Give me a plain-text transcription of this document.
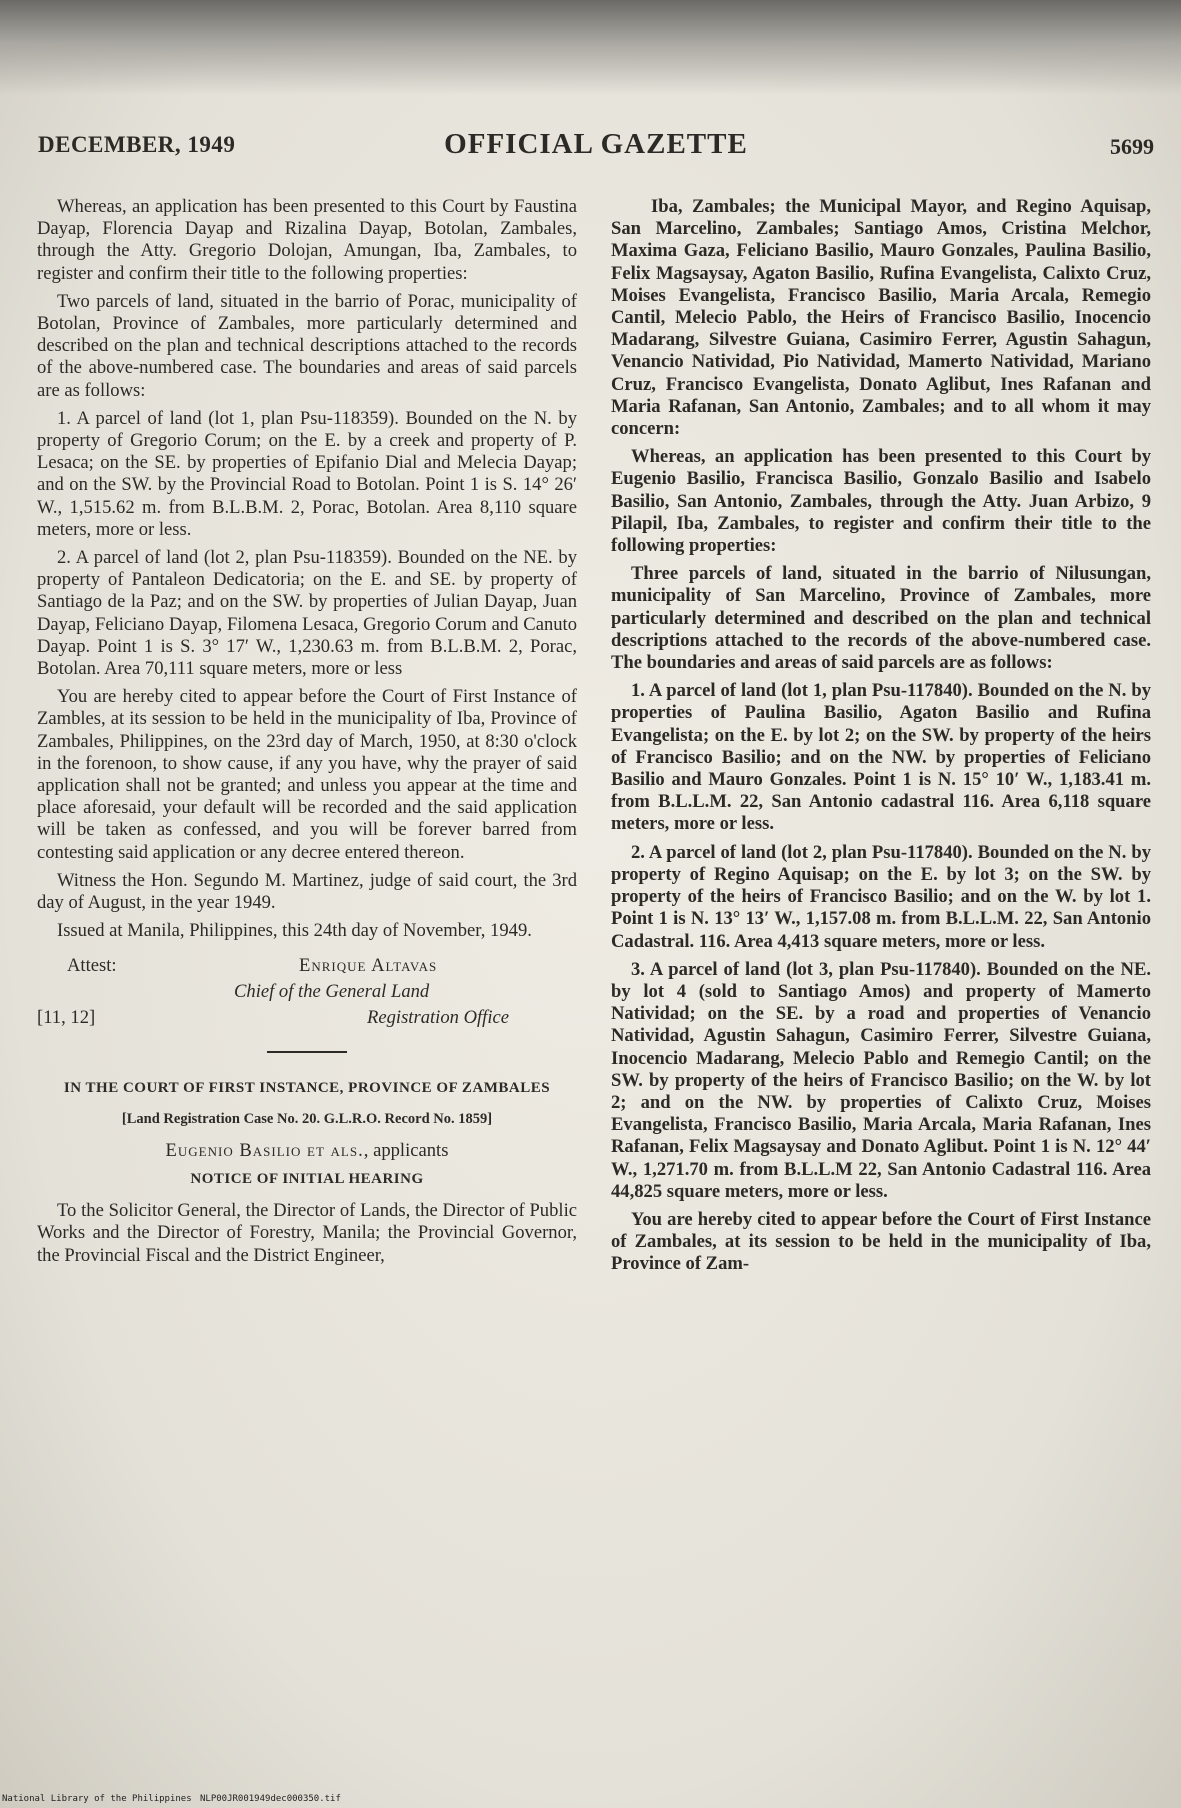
DECEMBER, 1949	OFFICIAL GAZETTE	5699

Whereas, an application has been presented to this Court by Faustina Dayap, Florencia Dayap and Rizalina Dayap, Botolan, Zambales, through the Atty. Gregorio Dolojan, Amungan, Iba, Zambales, to register and confirm their title to the following properties:

Two parcels of land, situated in the barrio of Porac, municipality of Botolan, Province of Zambales, more particularly determined and described on the plan and technical descriptions attached to the records of the above-numbered case. The boundaries and areas of said parcels are as follows:

1. A parcel of land (lot 1, plan Psu-118359). Bounded on the N. by property of Gregorio Corum; on the E. by a creek and property of P. Lesaca; on the SE. by properties of Epifanio Dial and Melecia Dayap; and on the SW. by the Provincial Road to Botolan. Point 1 is S. 14° 26′ W., 1,515.62 m. from B.L.B.M. 2, Porac, Botolan. Area 8,110 square meters, more or less.

2. A parcel of land (lot 2, plan Psu-118359). Bounded on the NE. by property of Pantaleon Dedicatoria; on the E. and SE. by property of Santiago de la Paz; and on the SW. by properties of Julian Dayap, Juan Dayap, Feliciano Dayap, Filomena Lesaca, Gregorio Corum and Canuto Dayap. Point 1 is S. 3° 17′ W., 1,230.63 m. from B.L.B.M. 2, Porac, Botolan. Area 70,111 square meters, more or less

You are hereby cited to appear before the Court of First Instance of Zambles, at its session to be held in the municipality of Iba, Province of Zambales, Philippines, on the 23rd day of March, 1950, at 8:30 o'clock in the forenoon, to show cause, if any you have, why the prayer of said application shall not be granted; and unless you appear at the time and place aforesaid, your default will be recorded and the said application will be taken as confessed, and you will be forever barred from contesting said application or any decree entered thereon.

Witness the Hon. Segundo M. Martinez, judge of said court, the 3rd day of August, in the year 1949.

Issued at Manila, Philippines, this 24th day of November, 1949.

Attest:	Enrique Altavas
Chief of the General Land
[11, 12]	Registration Office
IN THE COURT OF FIRST INSTANCE, PROVINCE OF ZAMBALES
[Land Registration Case No. 20. G.L.R.O. Record No. 1859]
Eugenio Basilio et als., applicants
NOTICE OF INITIAL HEARING

To the Solicitor General, the Director of Lands, the Director of Public Works and the Director of Forestry, Manila; the Provincial Governor, the Provincial Fiscal and the District Engineer,

Iba, Zambales; the Municipal Mayor, and Regino Aquisap, San Marcelino, Zambales; Santiago Amos, Cristina Melchor, Maxima Gaza, Feliciano Basilio, Mauro Gonzales, Paulina Basilio, Felix Magsaysay, Agaton Basilio, Rufina Evangelista, Calixto Cruz, Moises Evangelista, Francisco Basilio, Maria Arcala, Remegio Cantil, Melecio Pablo, the Heirs of Francisco Basilio, Inocencio Madarang, Silvestre Guiana, Casimiro Ferrer, Agustin Sahagun, Venancio Natividad, Pio Natividad, Mamerto Natividad, Mariano Cruz, Francisco Evangelista, Donato Aglibut, Ines Rafanan and Maria Rafanan, San Antonio, Zambales; and to all whom it may concern:

Whereas, an application has been presented to this Court by Eugenio Basilio, Francisca Basilio, Gonzalo Basilio and Isabelo Basilio, San Antonio, Zambales, through the Atty. Juan Arbizo, 9 Pilapil, Iba, Zambales, to register and confirm their title to the following properties:

Three parcels of land, situated in the barrio of Nilusungan, municipality of San Marcelino, Province of Zambales, more particularly determined and described on the plan and technical descriptions attached to the records of the above-numbered case. The boundaries and areas of said parcels are as follows:

1. A parcel of land (lot 1, plan Psu-117840). Bounded on the N. by properties of Paulina Basilio, Agaton Basilio and Rufina Evangelista; on the E. by lot 2; on the SW. by property of the heirs of Francisco Basilio; and on the NW. by properties of Feliciano Basilio and Mauro Gonzales. Point 1 is N. 15° 10′ W., 1,183.41 m. from B.L.L.M. 22, San Antonio cadastral 116. Area 6,118 square meters, more or less.

2. A parcel of land (lot 2, plan Psu-117840). Bounded on the N. by property of Regino Aquisap; on the E. by lot 3; on the SW. by property of the heirs of Francisco Basilio; and on the W. by lot 1. Point 1 is N. 13° 13′ W., 1,157.08 m. from B.L.L.M. 22, San Antonio Cadastral. 116. Area 4,413 square meters, more or less.

3. A parcel of land (lot 3, plan Psu-117840). Bounded on the NE. by lot 4 (sold to Santiago Amos) and property of Mamerto Natividad; on the SE. by a road and properties of Venancio Natividad, Agustin Sahagun, Casimiro Ferrer, Silvestre Guiana, Inocencio Madarang, Melecio Pablo and Remegio Cantil; on the SW. by property of the heirs of Francisco Basilio; on the W. by lot 2; and on the NW. by properties of Calixto Cruz, Moises Evangelista, Francisco Basilio, Maria Arcala, Maria Rafanan, Ines Rafanan, Felix Magsaysay and Donato Aglibut. Point 1 is N. 12° 44′ W., 1,271.70 m. from B.L.L.M 22, San Antonio Cadastral 116. Area 44,825 square meters, more or less.

You are hereby cited to appear before the Court of First Instance of Zambales, at its session to be held in the municipality of Iba, Province of Zam-

National Library of the Philippines NLP00JR001949dec000350.tif
